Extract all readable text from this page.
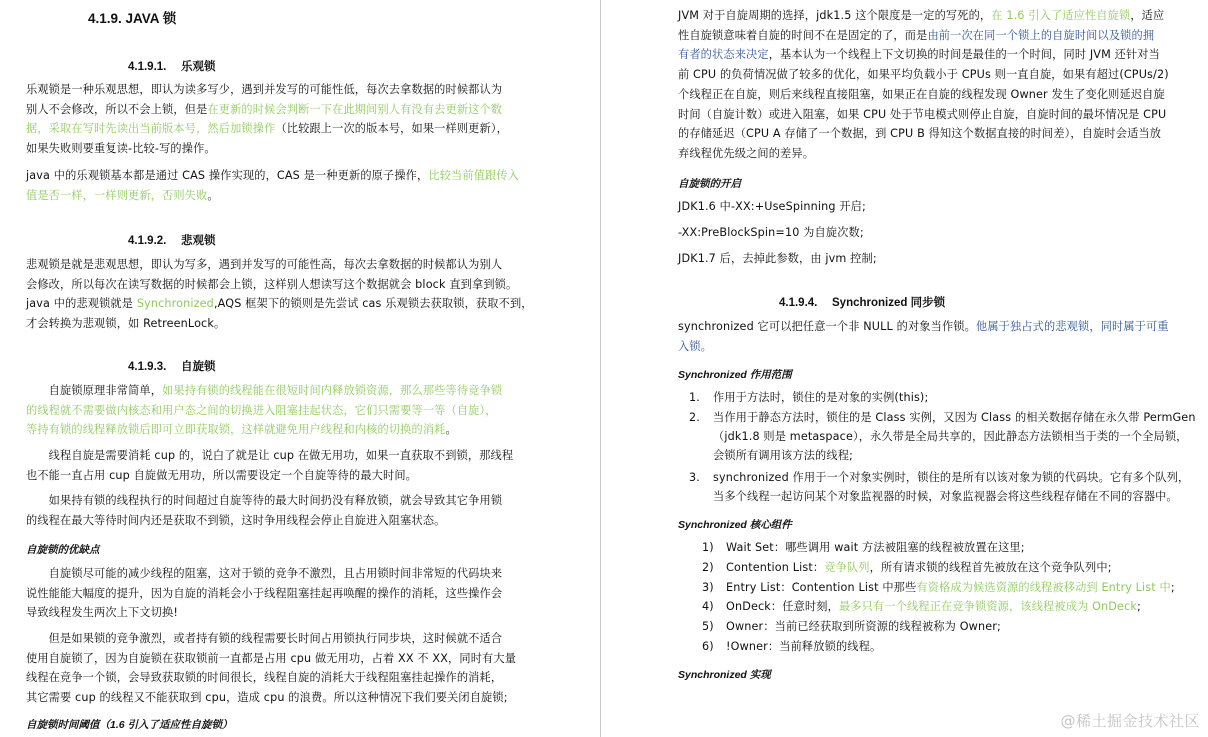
4.1.9. JAVA 锁
4.1.9.1. 乐观锁
4.1.9.2. 悲观锁
4.1.9.3. 自旋锁
自旋锁的优缺点
自旋锁时间阈值（1.6 引入了适应性自旋锁）
乐观锁是一种乐观思想，即认为读多写少，遇到并发写的可能性低，每次去拿数据的时候都认为
别人不会修改，所以不会上锁，但是在更新的时候会判断一下在此期间别人有没有去更新这个数
据，采取在写时先读出当前版本号，然后加锁操作（比较跟上一次的版本号，如果一样则更新），
如果失败则要重复读-比较-写的操作。
java 中的乐观锁基本都是通过 CAS 操作实现的，CAS 是一种更新的原子操作，比较当前值跟传入
值是否一样，一样则更新，否则失败。
悲观锁是就是悲观思想，即认为写多，遇到并发写的可能性高，每次去拿数据的时候都认为别人
会修改，所以每次在读写数据的时候都会上锁，这样别人想读写这个数据就会 block 直到拿到锁。
java 中的悲观锁就是 Synchronized,AQS 框架下的锁则是先尝试 cas 乐观锁去获取锁，获取不到，
才会转换为悲观锁，如 RetreenLock。
　　自旋锁原理非常简单，如果持有锁的线程能在很短时间内释放锁资源，那么那些等待竞争锁
的线程就不需要做内核态和用户态之间的切换进入阻塞挂起状态，它们只需要等一等（自旋），
等持有锁的线程释放锁后即可立即获取锁，这样就避免用户线程和内核的切换的消耗。
　　线程自旋是需要消耗 cup 的，说白了就是让 cup 在做无用功，如果一直获取不到锁，那线程
也不能一直占用 cup 自旋做无用功，所以需要设定一个自旋等待的最大时间。
　　如果持有锁的线程执行的时间超过自旋等待的最大时间扔没有释放锁，就会导致其它争用锁
的线程在最大等待时间内还是获取不到锁，这时争用线程会停止自旋进入阻塞状态。
　　自旋锁尽可能的减少线程的阻塞，这对于锁的竞争不激烈，且占用锁时间非常短的代码块来
说性能能大幅度的提升，因为自旋的消耗会小于线程阻塞挂起再唤醒的操作的消耗，这些操作会
导致线程发生两次上下文切换!
　　但是如果锁的竞争激烈，或者持有锁的线程需要长时间占用锁执行同步块，这时候就不适合
使用自旋锁了，因为自旋锁在获取锁前一直都是占用 cpu 做无用功，占着 XX 不 XX，同时有大量
线程在竞争一个锁，会导致获取锁的时间很长，线程自旋的消耗大于线程阻塞挂起操作的消耗，
其它需要 cup 的线程又不能获取到 cpu，造成 cpu 的浪费。所以这种情况下我们要关闭自旋锁;
自旋锁的开启
JDK1.6 中-XX:+UseSpinning 开启;
-XX:PreBlockSpin=10 为自旋次数;
JDK1.7 后，去掉此参数，由 jvm 控制;
4.1.9.4. Synchronized 同步锁
Synchronized 作用范围
1. 作用于方法时，锁住的是对象的实例(this);
2. 当作用于静态方法时，锁住的是 Class 实例，又因为 Class 的相关数据存储在永久带 PermGen
（jdk1.8 则是 metaspace），永久带是全局共享的，因此静态方法锁相当于类的一个全局锁，
会锁所有调用该方法的线程;
3. synchronized 作用于一个对象实例时，锁住的是所有以该对象为锁的代码块。它有多个队列，
当多个线程一起访问某个对象监视器的时候，对象监视器会将这些线程存储在不同的容器中。
Synchronized 核心组件
1) Wait Set：哪些调用 wait 方法被阻塞的线程被放置在这里;
2) Contention List：竞争队列，所有请求锁的线程首先被放在这个竞争队列中;
3) Entry List：Contention List 中那些有资格成为候选资源的线程被移动到 Entry List 中;
4) OnDeck：任意时刻，最多只有一个线程正在竞争锁资源，该线程被成为 OnDeck;
5) Owner：当前已经获取到所资源的线程被称为 Owner;
6) !Owner：当前释放锁的线程。
Synchronized 实现
@稀土掘金技术社区
JVM 对于自旋周期的选择，jdk1.5 这个限度是一定的写死的，在 1.6 引入了适应性自旋锁，适应
性自旋锁意味着自旋的时间不在是固定的了，而是由前一次在同一个锁上的自旋时间以及锁的拥
有者的状态来决定，基本认为一个线程上下文切换的时间是最佳的一个时间，同时 JVM 还针对当
前 CPU 的负荷情况做了较多的优化，如果平均负载小于 CPUs 则一直自旋，如果有超过(CPUs/2)
个线程正在自旋，则后来线程直接阻塞，如果正在自旋的线程发现 Owner 发生了变化则延迟自旋
时间（自旋计数）或进入阻塞，如果 CPU 处于节电模式则停止自旋，自旋时间的最坏情况是 CPU
的存储延迟（CPU A 存储了一个数据，到 CPU B 得知这个数据直接的时间差），自旋时会适当放
弃线程优先级之间的差异。
synchronized 它可以把任意一个非 NULL 的对象当作锁。他属于独占式的悲观锁，同时属于可重
入锁。
